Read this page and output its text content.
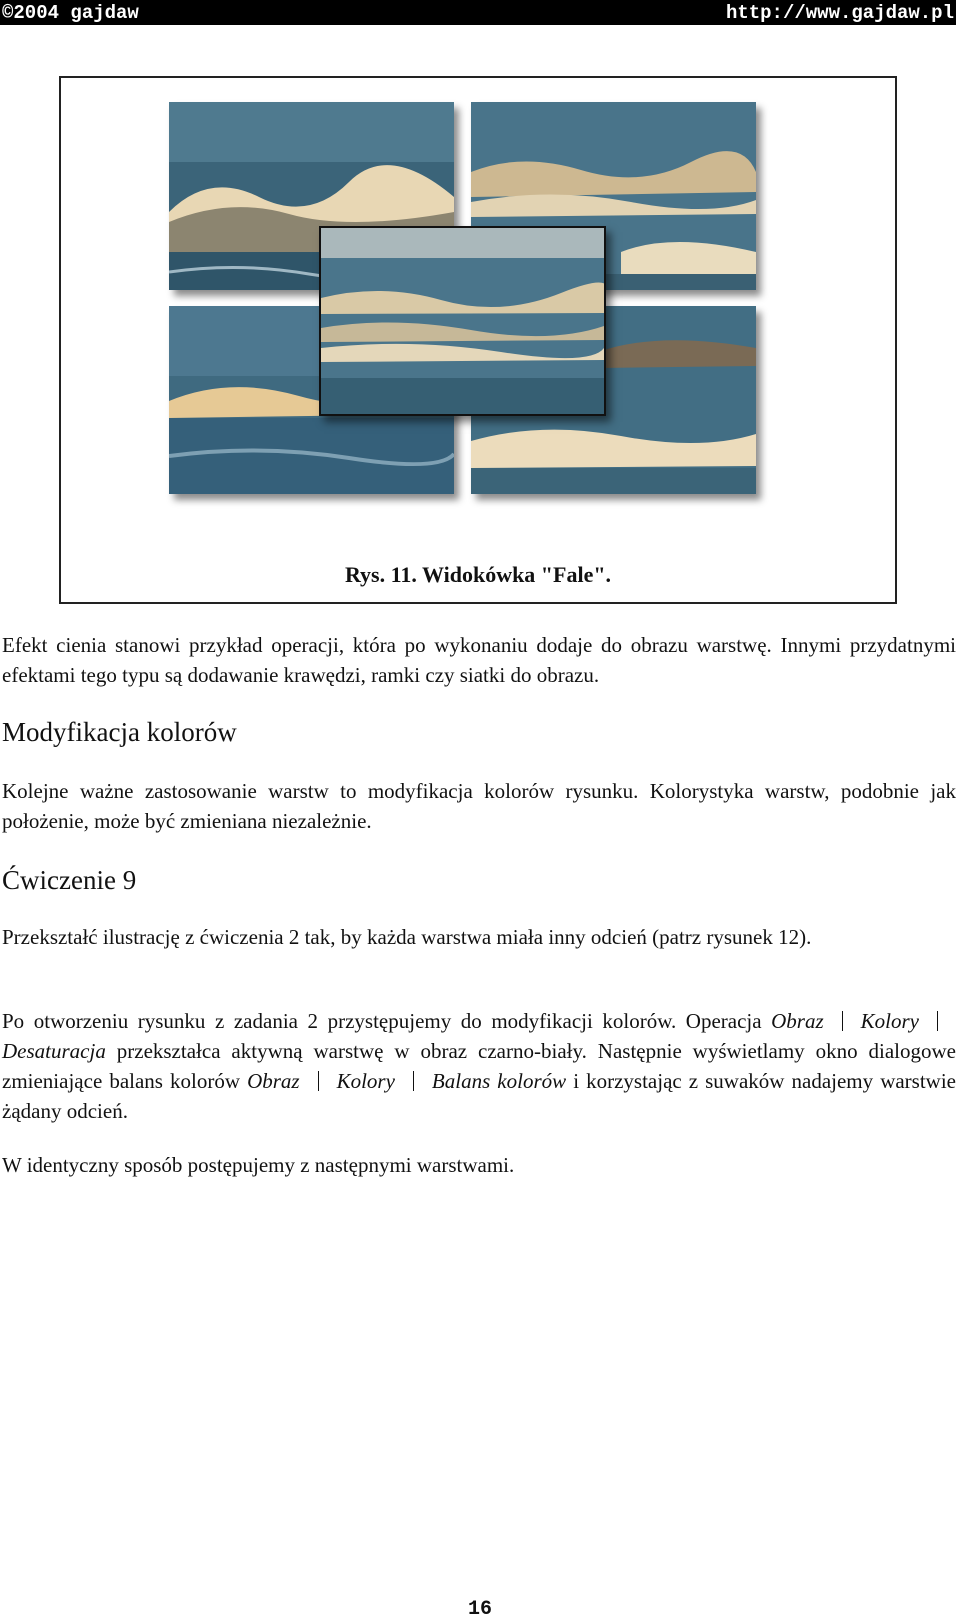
©2004 gajdaw	http://www.gajdaw.pl
Rys. 11. Widokówka "Fale".

Efekt cienia stanowi przykład operacji, która po wykonaniu dodaje do obrazu warstwę. Innymi przydatnymi efektami tego typu są dodawanie krawędzi, ramki czy siatki do obrazu.

Modyfikacja kolorów

Kolejne ważne zastosowanie warstw to modyfikacja kolorów rysunku. Kolorystyka warstw, podobnie jak położenie, może być zmieniana niezależnie.

Ćwiczenie 9

Przekształć ilustrację z ćwiczenia 2 tak, by każda warstwa miała inny odcień (patrz rysunek 12).

Po otworzeniu rysunku z zadania 2 przystępujemy do modyfikacji kolorów. Operacja Obraz KoloryDesaturacja przekształca aktywną warstwę w obraz czarno-biały. Następnie wyświetlamy okno dialogowe zmieniające balans kolorów Obraz Kolory Balans kolorów i korzystając z suwaków nadajemy warstwie żądany odcień.

W identyczny sposób postępujemy z następnymi warstwami.

16
